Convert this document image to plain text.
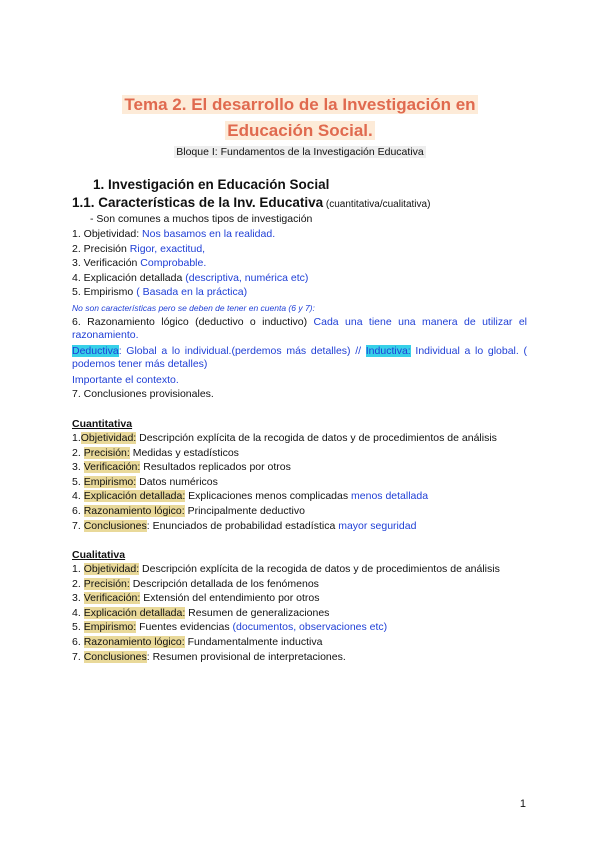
Tema 2. El desarrollo de la Investigación en
Educación Social.
Bloque I: Fundamentos de la Investigación Educativa
1. Investigación en Educación Social
1.1. Características de la Inv. Educativa (cuantitativa/cualitativa)
- Son comunes a muchos tipos de investigación
1. Objetividad: Nos basamos en la realidad.
2. Precisión Rigor, exactitud,
3. Verificación Comprobable.
4. Explicación detallada (descriptiva, numérica etc)
5. Empirismo ( Basada en la práctica)
No son características pero se deben de tener en cuenta (6 y 7):
6. Razonamiento lógico (deductivo o inductivo) Cada una tiene una manera de utilizar el razonamiento.
Deductiva: Global a lo individual.(perdemos más detalles) // Inductiva: Individual a lo global. ( podemos tener más detalles)
Importante el contexto.
7. Conclusiones provisionales.
Cuantitativa
1.Objetividad: Descripción explícita de la recogida de datos y de procedimientos de análisis
2. Precisión: Medidas y estadísticos
3. Verificación: Resultados replicados por otros
5. Empirismo: Datos numéricos
4. Explicación detallada: Explicaciones menos complicadas menos detallada
6. Razonamiento lógico: Principalmente deductivo
7. Conclusiones: Enunciados de probabilidad estadística mayor seguridad
Cualitativa
1. Objetividad: Descripción explícita de la recogida de datos y de procedimientos de análisis
2. Precisión: Descripción detallada de los fenómenos
3. Verificación: Extensión del entendimiento por otros
4. Explicación detallada: Resumen de generalizaciones
5. Empirismo: Fuentes evidencias (documentos, observaciones etc)
6. Razonamiento lógico: Fundamentalmente inductiva
7. Conclusiones: Resumen provisional de interpretaciones.
1
